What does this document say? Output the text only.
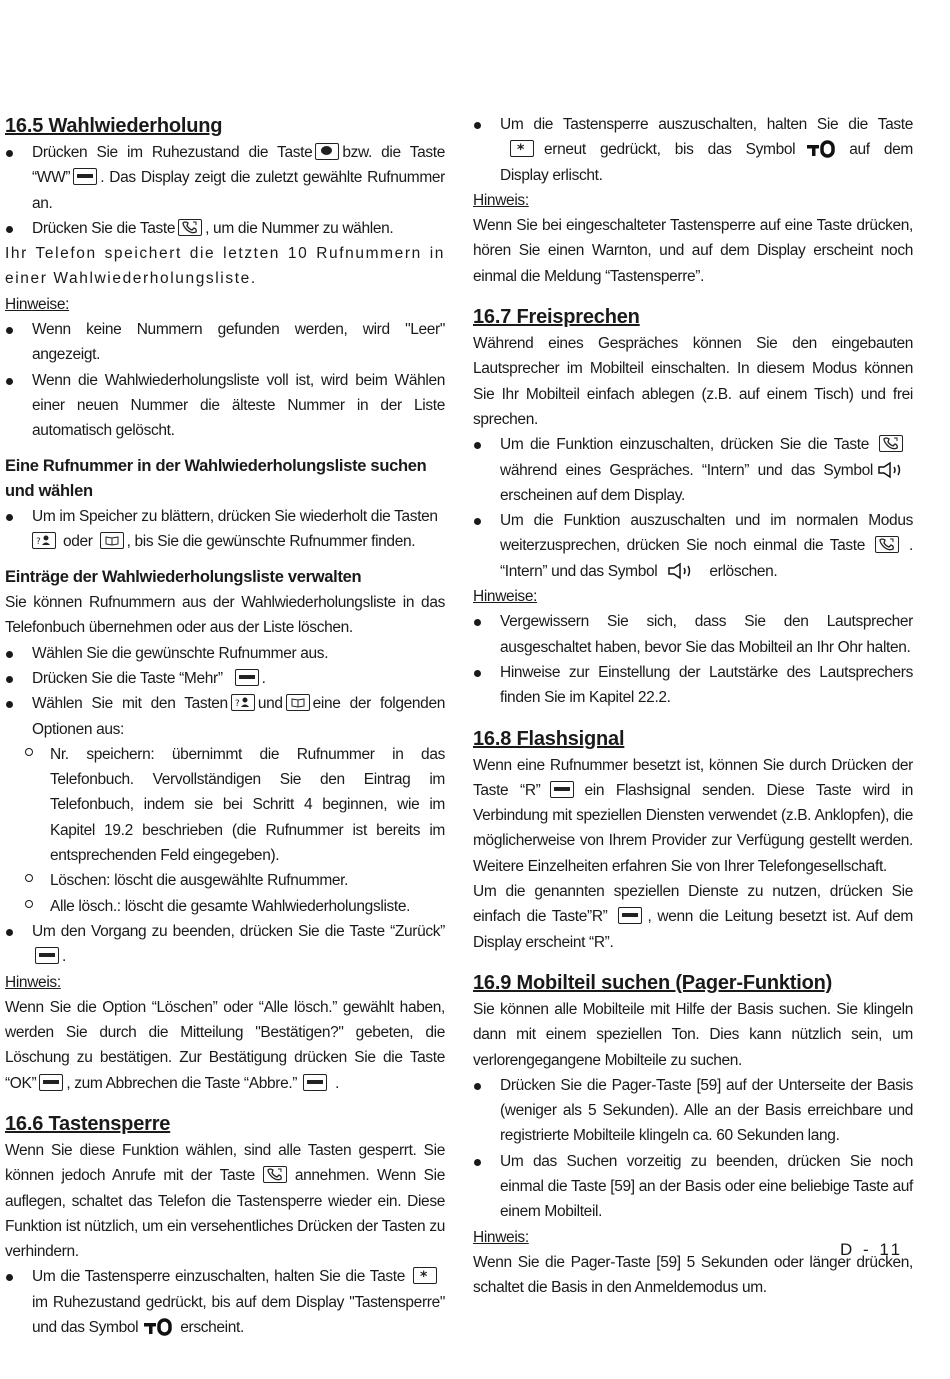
16.5 Wahlwiederholung
Drücken Sie im Ruhezustand die Taste bzw. die Taste “WW” . Das Display zeigt die zuletzt gewählte Rufnummer an.
Drücken Sie die Taste , um die Nummer zu wählen.

Ihr Telefon speichert die letzten 10 Rufnummern in einer Wahlwiederholungsliste.

Hinweise:
Wenn keine Nummern gefunden werden, wird "Leer" angezeigt.
Wenn die Wahlwiederholungsliste voll ist, wird beim Wählen einer neuen Nummer die älteste Nummer in der Liste automatisch gelöscht.
Eine Rufnummer in der Wahlwiederholungsliste suchen und wählen
Um im Speicher zu blättern, drücken Sie wiederholt die Tasten

? oder , bis Sie die gewünschte Rufnummer finden.
Einträge der Wahlwiederholungsliste verwalten

Sie können Rufnummern aus der Wahlwiederholungsliste in das Telefonbuch übernehmen oder aus der Liste löschen.

Wählen Sie die gewünschte Rufnummer aus.
Drücken Sie die Taste “Mehr”	.
Wählen Sie mit den Tasten ? und eine der folgenden Optionen aus:
Nr. speichern: übernimmt die Rufnummer in das Telefonbuch. Vervollständigen Sie den Eintrag im Telefonbuch, indem sie bei Schritt 4 beginnen, wie im Kapitel 19.2 beschrieben (die Rufnummer ist bereits im entsprechenden Feld eingegeben).
Löschen: löscht die ausgewählte Rufnummer.
Alle lösch.: löscht die gesamte Wahlwiederholungsliste.
Um den Vorgang zu beenden, drücken Sie die Taste “Zurück”.
Hinweis:

Wenn Sie die Option “Löschen” oder “Alle lösch.” gewählt haben, werden Sie durch die Mitteilung "Bestätigen?" gebeten, die Löschung zu bestätigen. Zur Bestätigung drücken Sie die Taste “OK” , zum Abbrechen die Taste “Abbre.” .

16.6 Tastensperre

Wenn Sie diese Funktion wählen, sind alle Tasten gesperrt. Sie können jedoch Anrufe mit der Taste	annehmen. Wenn Sie auflegen, schaltet das Telefon die Tastensperre wieder ein. Diese Funktion ist nützlich, um ein versehentliches Drücken der Tasten zu verhindern.

Um die Tastensperre einzuschalten, halten Sie die Taste *
im Ruhezustand gedrückt, bis auf dem Display "Tastensperre" und das Symbol	erscheint.
Um die Tastensperre auszuschalten, halten Sie die Taste
* erneut gedrückt, bis das Symbol	auf dem Display erlischt.
Hinweis:

Wenn Sie bei eingeschalteter Tastensperre auf eine Taste drücken, hören Sie einen Warnton, und auf dem Display erscheint noch einmal die Meldung “Tastensperre”.

16.7 Freisprechen

Während eines Gespräches können Sie den eingebauten Lautsprecher im Mobilteil einschalten. In diesem Modus können Sie Ihr Mobilteil einfach ablegen (z.B. auf einem Tisch) und frei sprechen.

Um die Funktion einzuschalten, drücken Sie die Taste
während eines Gespräches. “Intern” und das Symbolerscheinen auf dem Display.
Um die Funktion auszuschalten und im normalen Modus weiterzusprechen, drücken Sie noch einmal die Taste	. “Intern” und das Symbol	erlöschen.
Hinweise:
Vergewissern Sie sich, dass Sie den Lautsprecher ausgeschaltet haben, bevor Sie das Mobilteil an Ihr Ohr halten.
Hinweise zur Einstellung der Lautstärke des Lautsprechers finden Sie im Kapitel 22.2.
16.8 Flashsignal

Wenn eine Rufnummer besetzt ist, können Sie durch Drücken der Taste “R”	ein Flashsignal senden. Diese Taste wird in Verbindung mit speziellen Diensten verwendet (z.B. Anklopfen), die möglicherweise von Ihrem Provider zur Verfügung gestellt werden. Weitere Einzelheiten erfahren Sie von Ihrer Telefongesellschaft.

Um die genannten speziellen Dienste zu nutzen, drücken Sie einfach die Taste”R”	, wenn die Leitung besetzt ist. Auf dem Display erscheint “R”.

16.9 Mobilteil suchen (Pager-Funktion)

Sie können alle Mobilteile mit Hilfe der Basis suchen. Sie klingeln dann mit einem speziellen Ton. Dies kann nützlich sein, um verlorengegangene Mobilteile zu suchen.

Drücken Sie die Pager-Taste [59] auf der Unterseite der Basis (weniger als 5 Sekunden). Alle an der Basis erreichbare und registrierte Mobilteile klingeln ca. 60 Sekunden lang.
Um das Suchen vorzeitig zu beenden, drücken Sie noch einmal die Taste [59] an der Basis oder eine beliebige Taste auf einem Mobilteil.
Hinweis:

Wenn Sie die Pager-Taste [59] 5 Sekunden oder länger drücken, schaltet die Basis in den Anmeldemodus um.

D - 11
